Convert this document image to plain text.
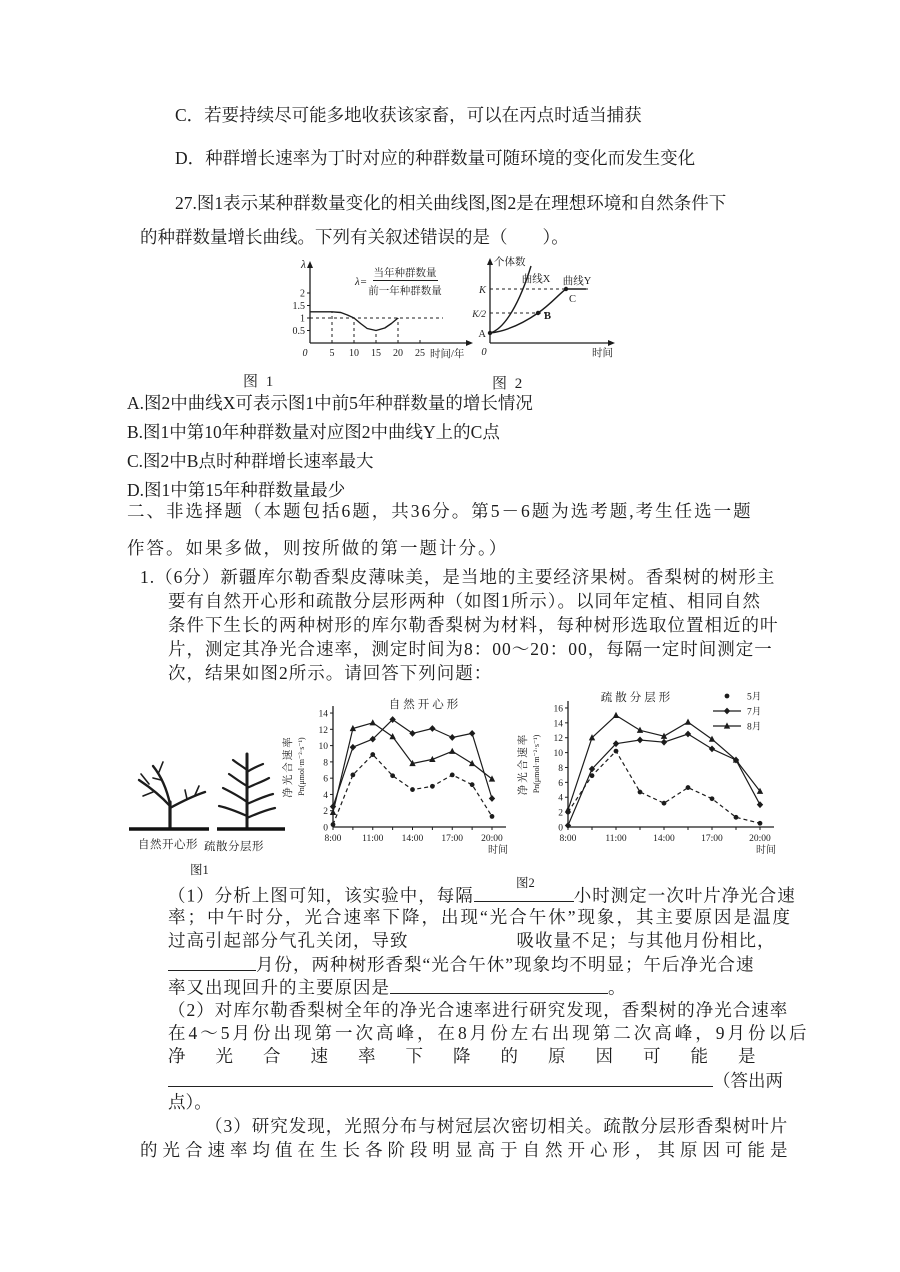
C．若要持续尽可能多地收获该家畜，可以在丙点时适当捕获
D．种群增长速率为丁时对应的种群数量可随环境的变化而发生变化
27.图1表示某种群数量变化的相关曲线图,图2是在理想环境和自然条件下
的种群数量增长曲线。下列有关叙述错误的是（　　）。
λ
0.5
1
1.5
2
0 5 10 15 20 25 时间/年
λ=
当年种群数量
前一年种群数量
个体数
K
K/2
A
0	时间
曲线X 曲线Y
B
C
图 1	图 2
A.图2中曲线X可表示图1中前5年种群数量的增长情况
B.图1中第10年种群数量对应图2中曲线Y上的C点
C.图2中B点时种群增长速率最大
D.图1中第15年种群数量最少
二、非选择题（本题包括6题，共36分。第5－6题为选考题,考生任选一题
作答。如果多做，则按所做的第一题计分。）
1.（6分）新疆库尔勒香梨皮薄味美，是当地的主要经济果树。香梨树的树形主
要有自然开心形和疏散分层形两种（如图1所示）。以同年定植、相同自然
条件下生长的两种树形的库尔勒香梨树为材料，每种树形选取位置相近的叶
片，测定其净光合速率，测定时间为8：00～20：00，每隔一定时间测定一
次，结果如图2所示。请回答下列问题：
自然开心形 疏散分层形
图1
0
2
4
6
8
10
12
14
8:00 11:00 14:00 17:00 20:00
时间
自然开心形
净光合速率 Pn(μmol·m⁻²·s⁻¹)
0
2
4
6
8
10
12
14
16
8:00	11:00	14:00	17:00	20:00
时间
疏散分层形
净光合速率 Pn(μmol·m⁻²·s⁻¹)
5月
7月
8月
图2
（1）分析上图可知，该实验中，每隔	小时测定一次叶片净光合速
率；中午时分，光合速率下降，出现“光合午休”现象，其主要原因是温度
过高引起部分气孔关闭，导致	吸收量不足；与其他月份相比，
月份，两种树形香梨“光合午休”现象均不明显；午后净光合速
率又出现回升的主要原因是	。
（2）对库尔勒香梨树全年的净光合速率进行研究发现，香梨树的净光合速率
在4～5月份出现第一次高峰，在8月份左右出现第二次高峰，9月份以后
净光合速率下降的原因可能是
（答出两
点）。
（3）研究发现，光照分布与树冠层次密切相关。疏散分层形香梨树叶片
的光合速率均值在生长各阶段明显高于自然开心形，其原因可能是
